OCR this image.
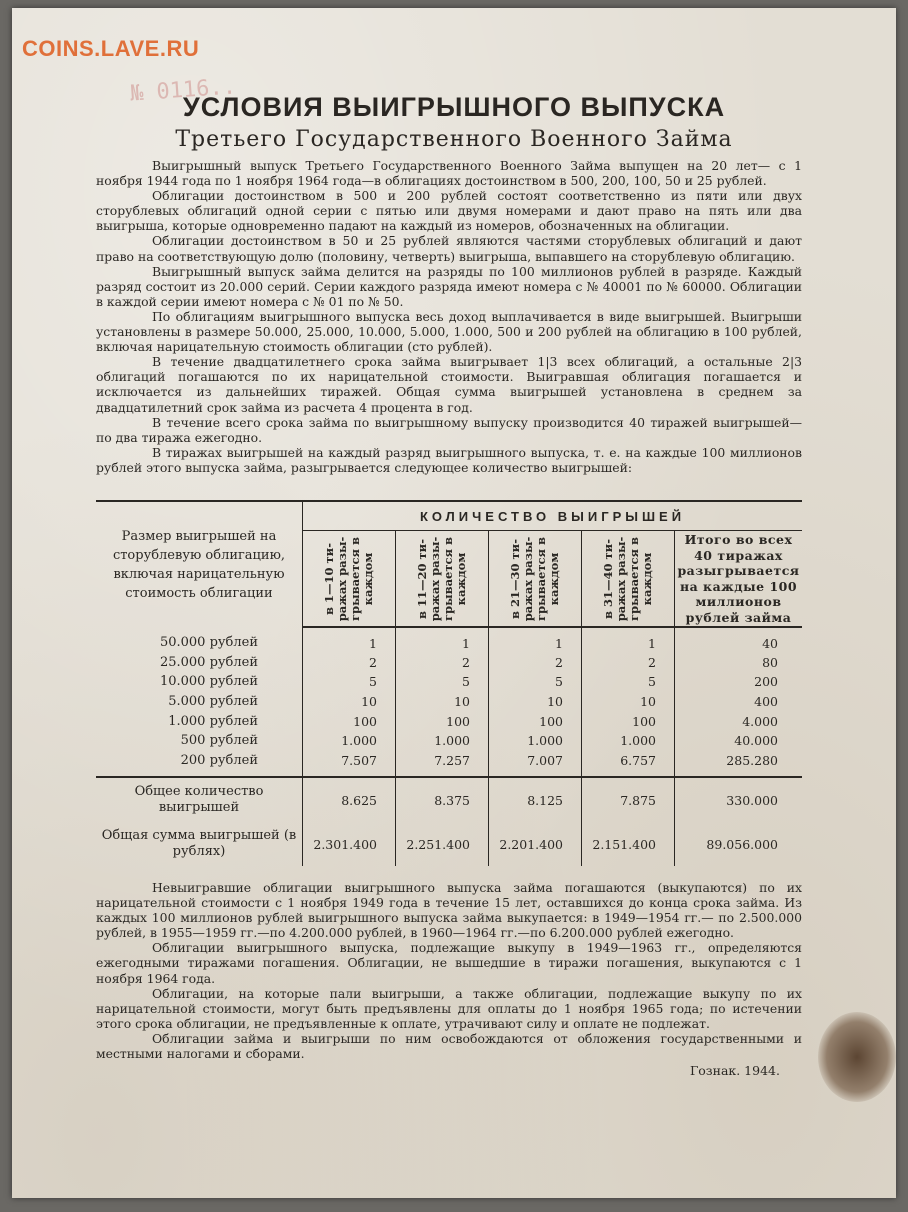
№ 0116..
COINS.LAVE.RU
УСЛОВИЯ ВЫИГРЫШНОГО ВЫПУСКА
Третьего Государственного Военного Займа

Выигрышный выпуск Третьего Государственного Военного Займа выпущен на 20 лет— с 1 ноября 1944 года по 1 ноября 1964 года—в облигациях достоинством в 500, 200, 100, 50 и 25 рублей.

Облигации достоинством в 500 и 200 рублей состоят соответственно из пяти или двух сторублевых облигаций одной серии с пятью или двумя номерами и дают право на пять или два выигрыша, которые одновременно падают на каждый из номеров, обозначенных на облигации.

Облигации достоинством в 50 и 25 рублей являются частями сторублевых облигаций и дают право на соответствующую долю (половину, четверть) выигрыша, выпавшего на сторублевую облигацию.

Выигрышный выпуск займа делится на разряды по 100 миллионов рублей в разряде. Каждый разряд состоит из 20.000 серий. Серии каждого разряда имеют номера с № 40001 по № 60000. Облигации в каждой серии имеют номера с № 01 по № 50.

По облигациям выигрышного выпуска весь доход выплачивается в виде выигрышей. Выигрыши установлены в размере 50.000, 25.000, 10.000, 5.000, 1.000, 500 и 200 рублей на облигацию в 100 рублей, включая нарицательную стоимость облигации (сто рублей).

В течение двадцатилетнего срока займа выигрывает 1|3 всех облигаций, а остальные 2|3 облигаций погашаются по их нарицательной стоимости. Выигравшая облигация погашается и исключается из дальнейших тиражей. Общая сумма выигрышей установлена в среднем за двадцатилетний срок займа из расчета 4 процента в год.

В течение всего срока займа по выигрышному выпуску производится 40 тиражей выигрышей— по два тиража ежегодно.

В тиражах выигрышей на каждый разряд выигрышного выпуска, т. е. на каждые 100 миллионов рублей этого выпуска займа, разыгрывается следующее количество выигрышей:

Размер выигрышей на сторублевую облигацию, включая нарицательную стоимость облигации	КОЛИЧЕСТВО ВЫИГРЫШЕЙ				

	в 1—10 ти- ражах разы- грывается в каждом	в 11—20 ти- ражах разы- грывается в каждом	в 21—30 ти- ражах разы- грывается в каждом	в 31—40 ти- ражах разы- грывается в каждом	Итого во всех 40 тиражах разыгрывается на каждые 100 миллионов рублей займа
50.000 рублей	1	1	1	1	40
25.000 рублей	2	2	2	2	80
10.000 рублей	5	5	5	5	200
5.000 рублей	10	10	10	10	400
1.000 рублей	100	100	100	100	4.000
500 рублей	1.000	1.000	1.000	1.000	40.000
200 рублей	7.507	7.257	7.007	6.757	285.280
Общее количество выигрышей	8.625	8.375	8.125	7.875	330.000
Общая сумма выигрышей (в рублях)	2.301.400	2.251.400	2.201.400	2.151.400	89.056.000

Невыигравшие облигации выигрышного выпуска займа погашаются (выкупаются) по их нарицательной стоимости с 1 ноября 1949 года в течение 15 лет, оставшихся до конца срока займа. Из каждых 100 миллионов рублей выигрышного выпуска займа выкупается: в 1949—1954 гг.— по 2.500.000 рублей, в 1955—1959 гг.—по 4.200.000 рублей, в 1960—1964 гг.—по 6.200.000 рублей ежегодно.

Облигации выигрышного выпуска, подлежащие выкупу в 1949—1963 гг., определяются ежегодными тиражами погашения. Облигации, не вышедшие в тиражи погашения, выкупаются с 1 ноября 1964 года.

Облигации, на которые пали выигрыши, а также облигации, подлежащие выкупу по их нарицательной стоимости, могут быть предъявлены для оплаты до 1 ноября 1965 года; по истечении этого срока облигации, не предъявленные к оплате, утрачивают силу и оплате не подлежат.

Облигации займа и выигрыши по ним освобождаются от обложения государственными и местными налогами и сборами.

Гознак. 1944.
